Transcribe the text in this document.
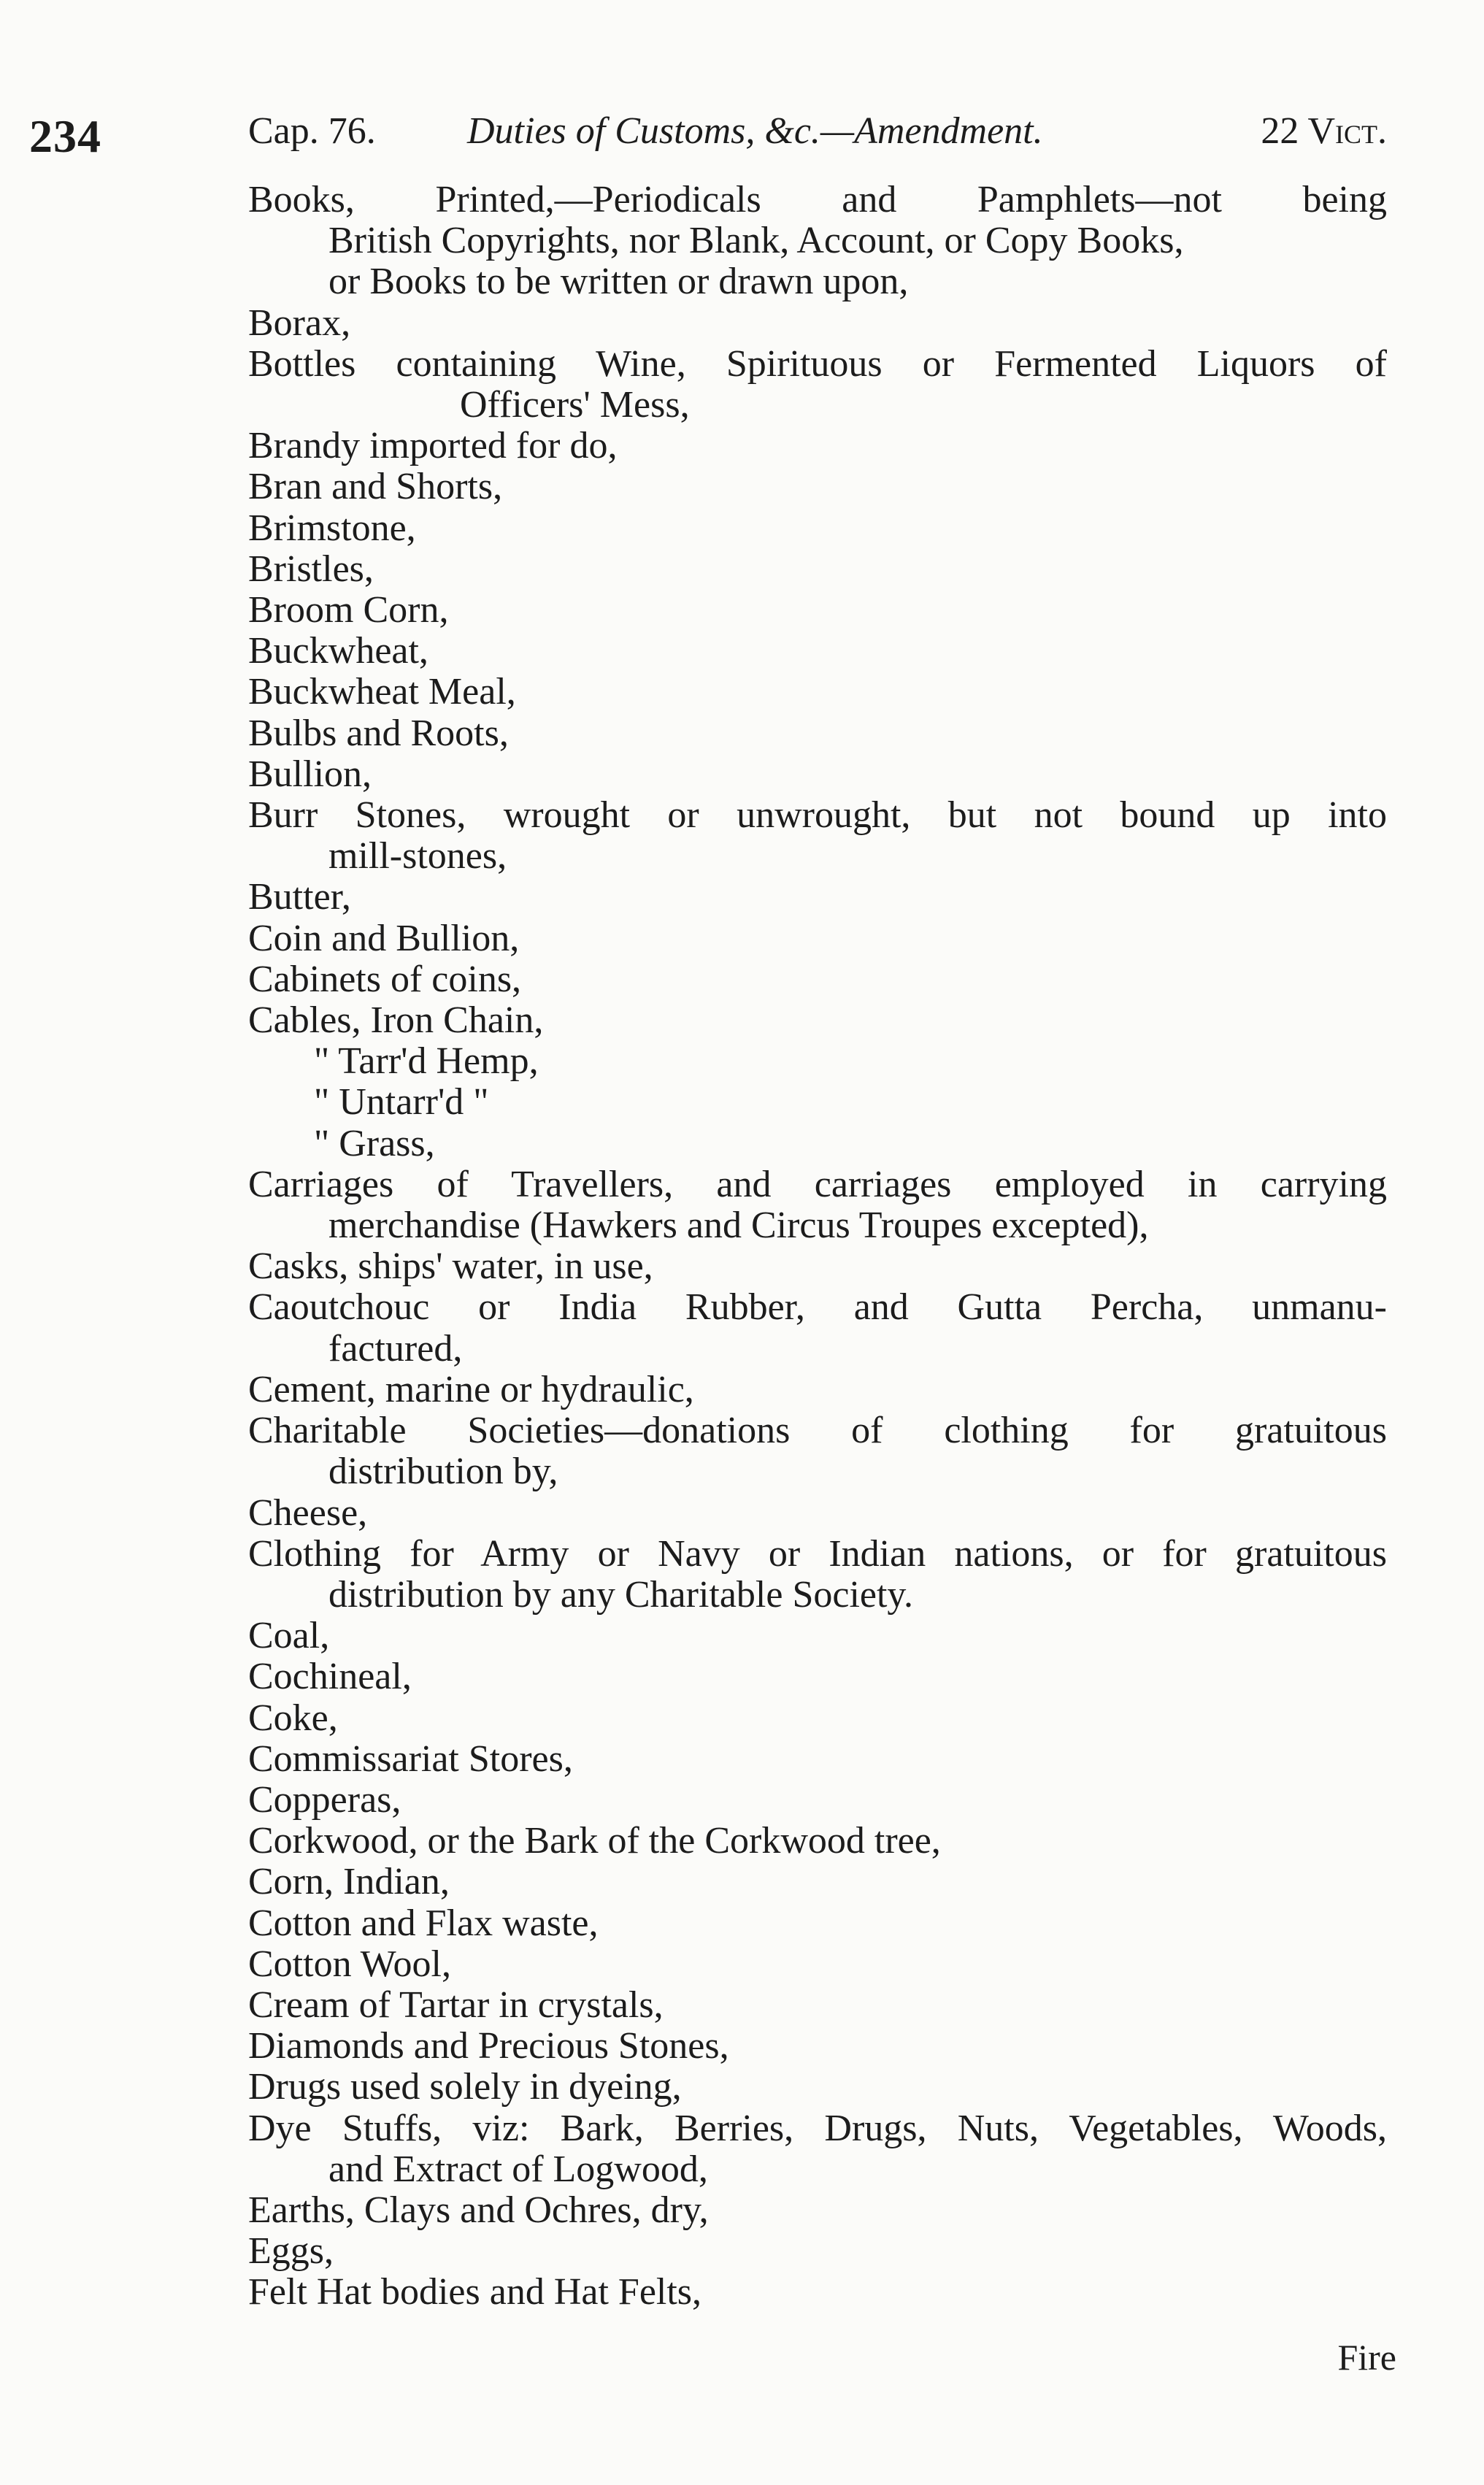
234	Cap. 76. Duties of Customs, &c.—Amendment.	22 Vict.
Books, Printed,—Periodicals and Pamphlets—not being
British Copyrights, nor Blank, Account, or Copy Books,
or Books to be written or drawn upon,
Borax,
Bottles containing Wine, Spirituous or Fermented Liquors of
Officers' Mess,
Brandy imported for do,
Bran and Shorts,
Brimstone,
Bristles,
Broom Corn,
Buckwheat,
Buckwheat Meal,
Bulbs and Roots,
Bullion,
Burr Stones, wrought or unwrought, but not bound up into
mill-stones,
Butter,
Coin and Bullion,
Cabinets of coins,
Cables, Iron Chain,
" Tarr'd Hemp,
" Untarr'd "
" Grass,
Carriages of Travellers, and carriages employed in carrying
merchandise (Hawkers and Circus Troupes excepted),
Casks, ships' water, in use,
Caoutchouc or India Rubber, and Gutta Percha, unmanu-
factured,
Cement, marine or hydraulic,
Charitable Societies—donations of clothing for gratuitous
distribution by,
Cheese,
Clothing for Army or Navy or Indian nations, or for gratuitous
distribution by any Charitable Society.
Coal,
Cochineal,
Coke,
Commissariat Stores,
Copperas,
Corkwood, or the Bark of the Corkwood tree,
Corn, Indian,
Cotton and Flax waste,
Cotton Wool,
Cream of Tartar in crystals,
Diamonds and Precious Stones,
Drugs used solely in dyeing,
Dye Stuffs, viz: Bark, Berries, Drugs, Nuts, Vegetables, Woods,
and Extract of Logwood,
Earths, Clays and Ochres, dry,
Eggs,
Felt Hat bodies and Hat Felts,
Fire
